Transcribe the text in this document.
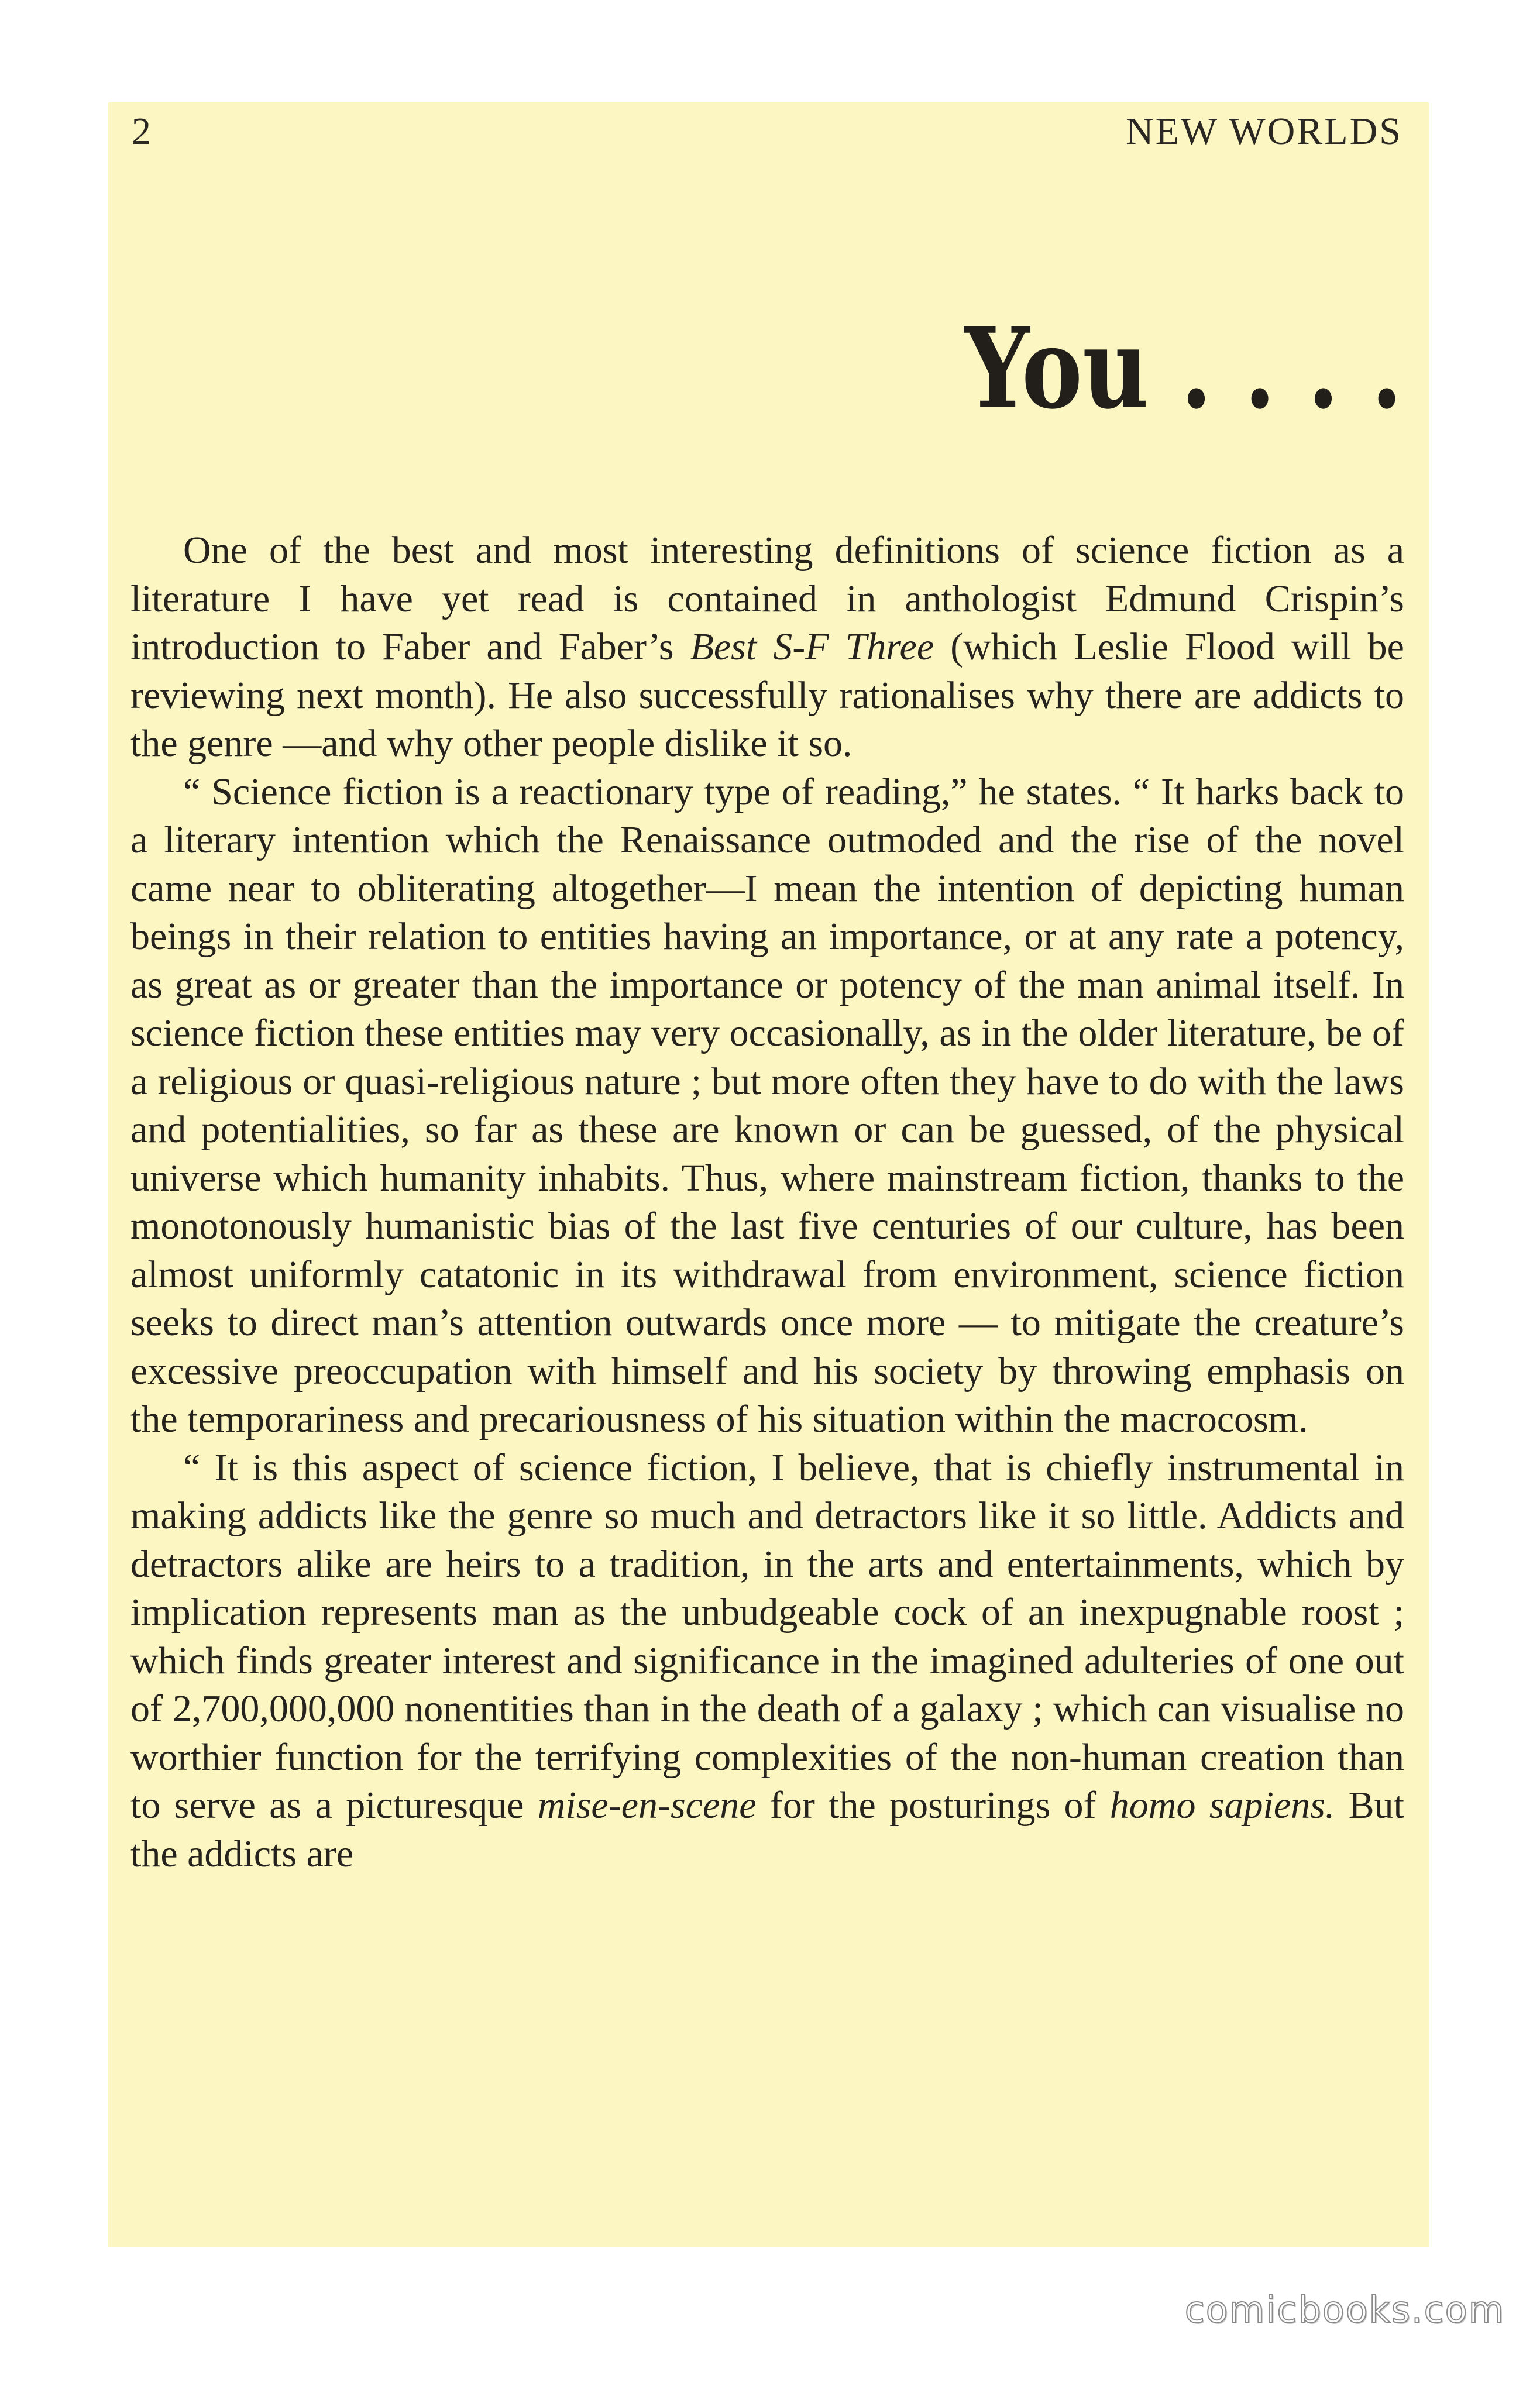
2	NEW WORLDS
You . . . .

One of the best and most interesting definitions of science fiction as a literature I have yet read is contained in anthologist Edmund Crispin’s introduction to Faber and Faber’s Best S-F Three (which Leslie Flood will be reviewing next month). He also successfully rationalises why there are addicts to the genre —and why other people dislike it so.

“ Science fiction is a reactionary type of reading,” he states. “ It harks back to a literary intention which the Renaissance outmoded and the rise of the novel came near to obliterating altogether—I mean the intention of depicting human beings in their relation to entities having an importance, or at any rate a potency, as great as or greater than the importance or potency of the man animal itself. In science fiction these entities may very occasionally, as in the older literature, be of a religious or quasi-religious nature ; but more often they have to do with the laws and potentialities, so far as these are known or can be guessed, of the physical universe which humanity inhabits. Thus, where mainstream fiction, thanks to the monotonously humanistic bias of the last five centuries of our culture, has been almost uniformly catatonic in its withdrawal from environment, science fiction seeks to direct man’s attention outwards once more — to mitigate the creature’s excessive preoccupation with himself and his society by throwing emphasis on the temporariness and precariousness of his situation within the macrocosm.

“ It is this aspect of science fiction, I believe, that is chiefly instrumental in making addicts like the genre so much and detractors like it so little. Addicts and detractors alike are heirs to a tradition, in the arts and entertainments, which by implication represents man as the unbudgeable cock of an inexpugnable roost ; which finds greater interest and significance in the imagined adulteries of one out of 2,700,000,000 nonentities than in the death of a galaxy ; which can visualise no worthier function for the terrifying complexities of the non-human creation than to serve as a picturesque mise-en-scene for the posturings of homo sapiens. But the addicts are

comicbooks.com
